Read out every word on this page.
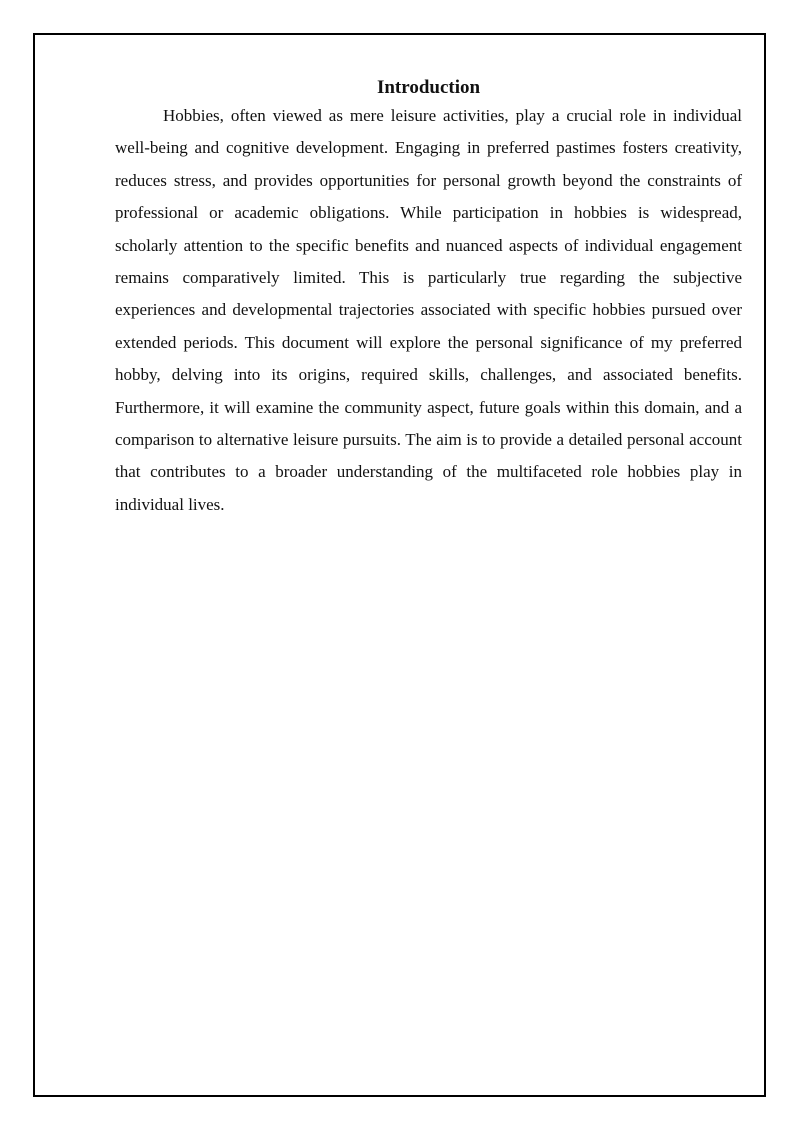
Introduction

Hobbies, often viewed as mere leisure activities, play a crucial role in individual well-being and cognitive development. Engaging in preferred pastimes fosters creativity, reduces stress, and provides opportunities for personal growth beyond the constraints of professional or academic obligations. While participation in hobbies is widespread, scholarly attention to the specific benefits and nuanced aspects of individual engagement remains comparatively limited. This is particularly true regarding the subjective experiences and developmental trajectories associated with specific hobbies pursued over extended periods. This document will explore the personal significance of my preferred hobby, delving into its origins, required skills, challenges, and associated benefits. Furthermore, it will examine the community aspect, future goals within this domain, and a comparison to alternative leisure pursuits. The aim is to provide a detailed personal account that contributes to a broader understanding of the multifaceted role hobbies play in individual lives.
